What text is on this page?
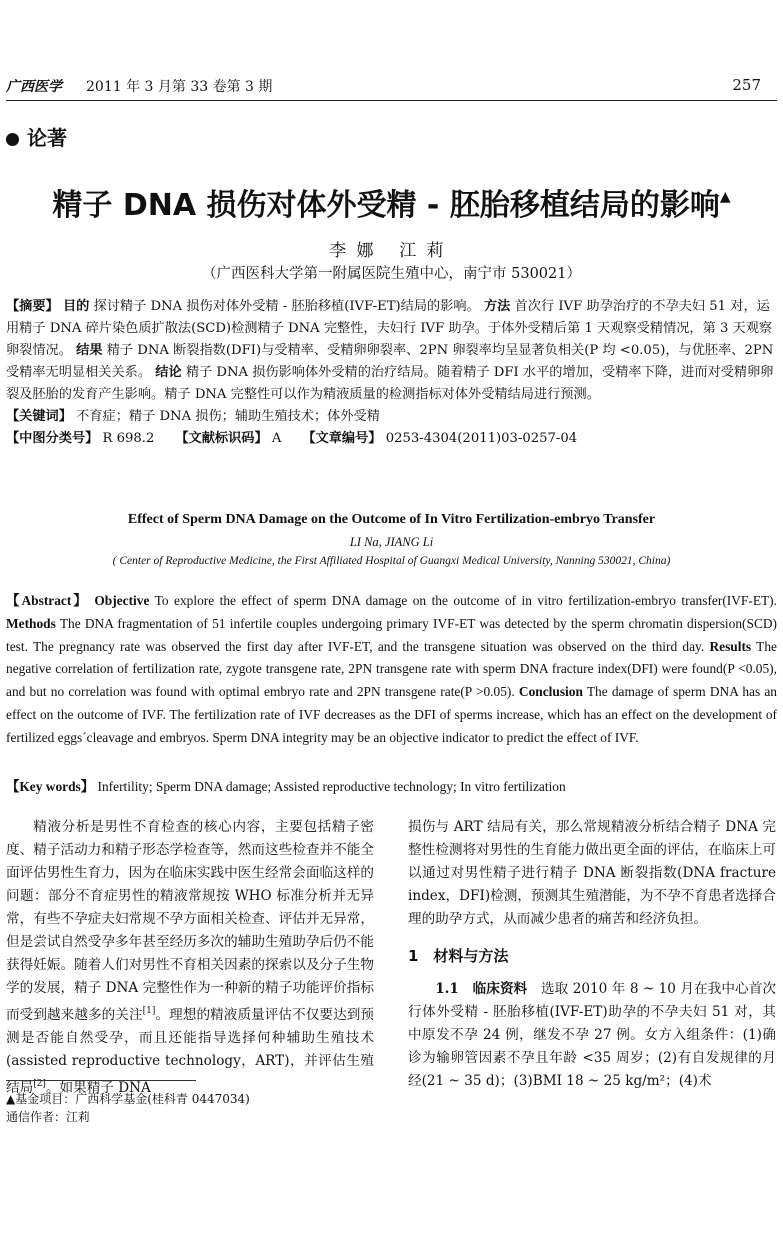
广西医学 2011 年 3 月第 33 卷第 3 期	257
论著
精子 DNA 损伤对体外受精 - 胚胎移植结局的影响▲
李娜 江莉
（广西医科大学第一附属医院生殖中心，南宁市 530021）
【摘要】 目的 探讨精子 DNA 损伤对体外受精 - 胚胎移植(IVF-ET)结局的影响。 方法 首次行 IVF 助孕治疗的不孕夫妇 51 对，运用精子 DNA 碎片染色质扩散法(SCD)检测精子 DNA 完整性，夫妇行 IVF 助孕。于体外受精后第 1 天观察受精情况，第 3 天观察卵裂情况。 结果 精子 DNA 断裂指数(DFI)与受精率、受精卵卵裂率、2PN 卵裂率均呈显著负相关(P 均 <0.05)，与优胚率、2PN 受精率无明显相关关系。 结论 精子 DNA 损伤影响体外受精的治疗结局。随着精子 DFI 水平的增加，受精率下降，进而对受精卵卵裂及胚胎的发育产生影响。精子 DNA 完整性可以作为精液质量的检测指标对体外受精结局进行预测。
【关键词】 不育症；精子 DNA 损伤；辅助生殖技术；体外受精
【中图分类号】 R 698.2 【文献标识码】 A 【文章编号】 0253-4304(2011)03-0257-04
Effect of Sperm DNA Damage on the Outcome of In Vitro Fertilization-embryo Transfer
LI Na, JIANG Li
( Center of Reproductive Medicine, the First Affiliated Hospital of Guangxi Medical University, Nanning 530021, China)
【Abstract】 Objective To explore the effect of sperm DNA damage on the outcome of in vitro fertilization-embryo transfer(IVF-ET). Methods The DNA fragmentation of 51 infertile couples undergoing primary IVF-ET was detected by the sperm chromatin dispersion(SCD) test. The pregnancy rate was observed the first day after IVF-ET, and the transgene situation was observed on the third day. Results The negative correlation of fertilization rate, zygote transgene rate, 2PN transgene rate with sperm DNA fracture index(DFI) were found(P <0.05), and but no correlation was found with optimal embryo rate and 2PN transgene rate(P >0.05). Conclusion The damage of sperm DNA has an effect on the outcome of IVF. The fertilization rate of IVF decreases as the DFI of sperms increase, which has an effect on the development of fertilized eggs´cleavage and embryos. Sperm DNA integrity may be an objective indicator to predict the effect of IVF.
【Key words】 Infertility; Sperm DNA damage; Assisted reproductive technology; In vitro fertilization

精液分析是男性不育检查的核心内容，主要包括精子密度、精子活动力和精子形态学检查等，然而这些检查并不能全面评估男性生育力，因为在临床实践中医生经常会面临这样的问题：部分不育症男性的精液常规按 WHO 标准分析并无异常，有些不孕症夫妇常规不孕方面相关检查、评估并无异常，但是尝试自然受孕多年甚至经历多次的辅助生殖助孕后仍不能获得妊娠。随着人们对男性不育相关因素的探索以及分子生物学的发展，精子 DNA 完整性作为一种新的精子功能评价指标而受到越来越多的关注[1]。理想的精液质量评估不仅要达到预测是否能自然受孕，而且还能指导选择何种辅助生殖技术(assisted reproductive technology，ART)，并评估生殖结局[2]。如果精子 DNA

损伤与 ART 结局有关，那么常规精液分析结合精子 DNA 完整性检测将对男性的生育能力做出更全面的评估，在临床上可以通过对男性精子进行精子 DNA 断裂指数(DNA fracture index，DFI)检测，预测其生殖潜能，为不孕不育患者选择合理的助孕方式，从而减少患者的痛苦和经济负担。

1　材料与方法

1.1　临床资料　 选取 2010 年 8 ~ 10 月在我中心首次行体外受精 - 胚胎移植(IVF-ET)助孕的不孕夫妇 51 对，其中原发不孕 24 例，继发不孕 27 例。女方入组条件：(1)确诊为输卵管因素不孕且年龄 <35 周岁；(2)有自发规律的月经(21 ~ 35 d)；(3)BMI 18 ~ 25 kg/m²；(4)术

▲基金项目：广西科学基金(桂科青 0447034)
通信作者：江莉
